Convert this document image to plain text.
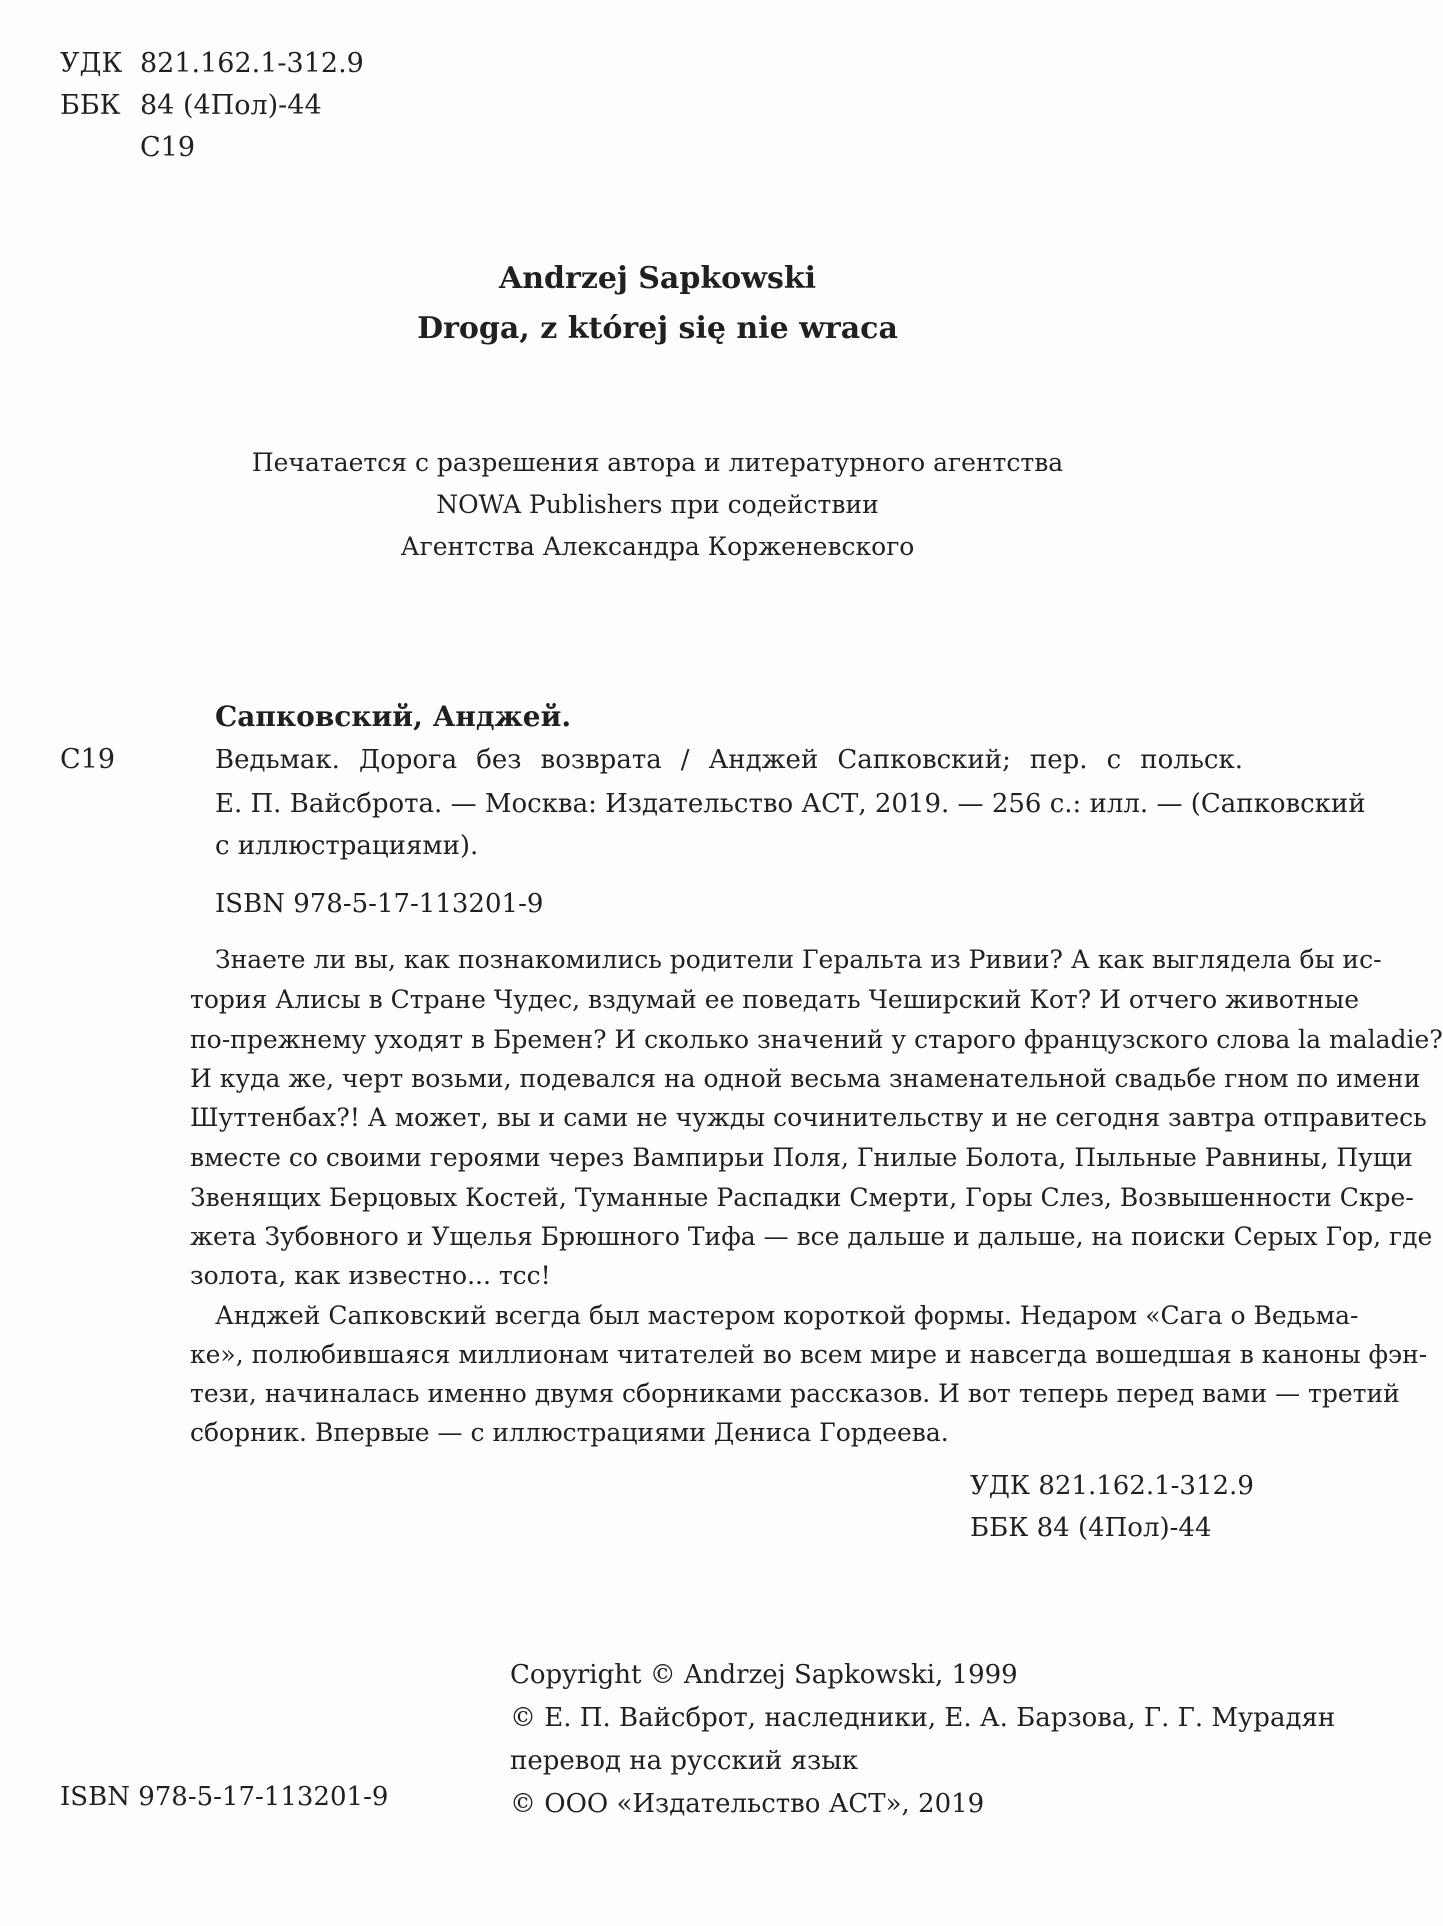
УДК 821.162.1-312.9
ББК 84 (4Пол)-44
С19
Andrzej Sapkowski
Droga, z której się nie wraca
Печатается с разрешения автора и литературного агентства
NOWA Publishers при содействии
Агентства Александра Корженевского
Сапковский, Анджей.
С19	Ведьмак. Дорога без возврата / Анджей Сапковский; пер. с польск.
Е. П. Вайсброта. — Москва: Издательство АСТ, 2019. — 256 с.: илл. — (Сапковский
с иллюстрациями).
ISBN 978-5-17-113201-9
Знаете ли вы, как познакомились родители Геральта из Ривии? А как выглядела бы ис-
тория Алисы в Стране Чудес, вздумай ее поведать Чеширский Кот? И отчего животные
по-прежнему уходят в Бремен? И сколько значений у старого французского слова la maladie?
И куда же, черт возьми, подевался на одной весьма знаменательной свадьбе гном по имени
Шуттенбах?! А может, вы и сами не чужды сочинительству и не сегодня завтра отправитесь
вместе со своими героями через Вампирьи Поля, Гнилые Болота, Пыльные Равнины, Пущи
Звенящих Берцовых Костей, Туманные Распадки Смерти, Горы Слез, Возвышенности Скре-
жета Зубовного и Ущелья Брюшного Тифа — все дальше и дальше, на поиски Серых Гор, где
золота, как известно... тсс!
Анджей Сапковский всегда был мастером короткой формы. Недаром «Сага о Ведьма-
ке», полюбившаяся миллионам читателей во всем мире и навсегда вошедшая в каноны фэн-
тези, начиналась именно двумя сборниками рассказов. И вот теперь перед вами — третий
сборник. Впервые — с иллюстрациями Дениса Гордеева.
УДК 821.162.1-312.9
ББК 84 (4Пол)-44
Copyright © Andrzej Sapkowski, 1999
© Е. П. Вайсброт, наследники, Е. А. Барзова, Г. Г. Мурадян
перевод на русский язык
© ООО «Издательство АСТ», 2019
ISBN 978-5-17-113201-9
